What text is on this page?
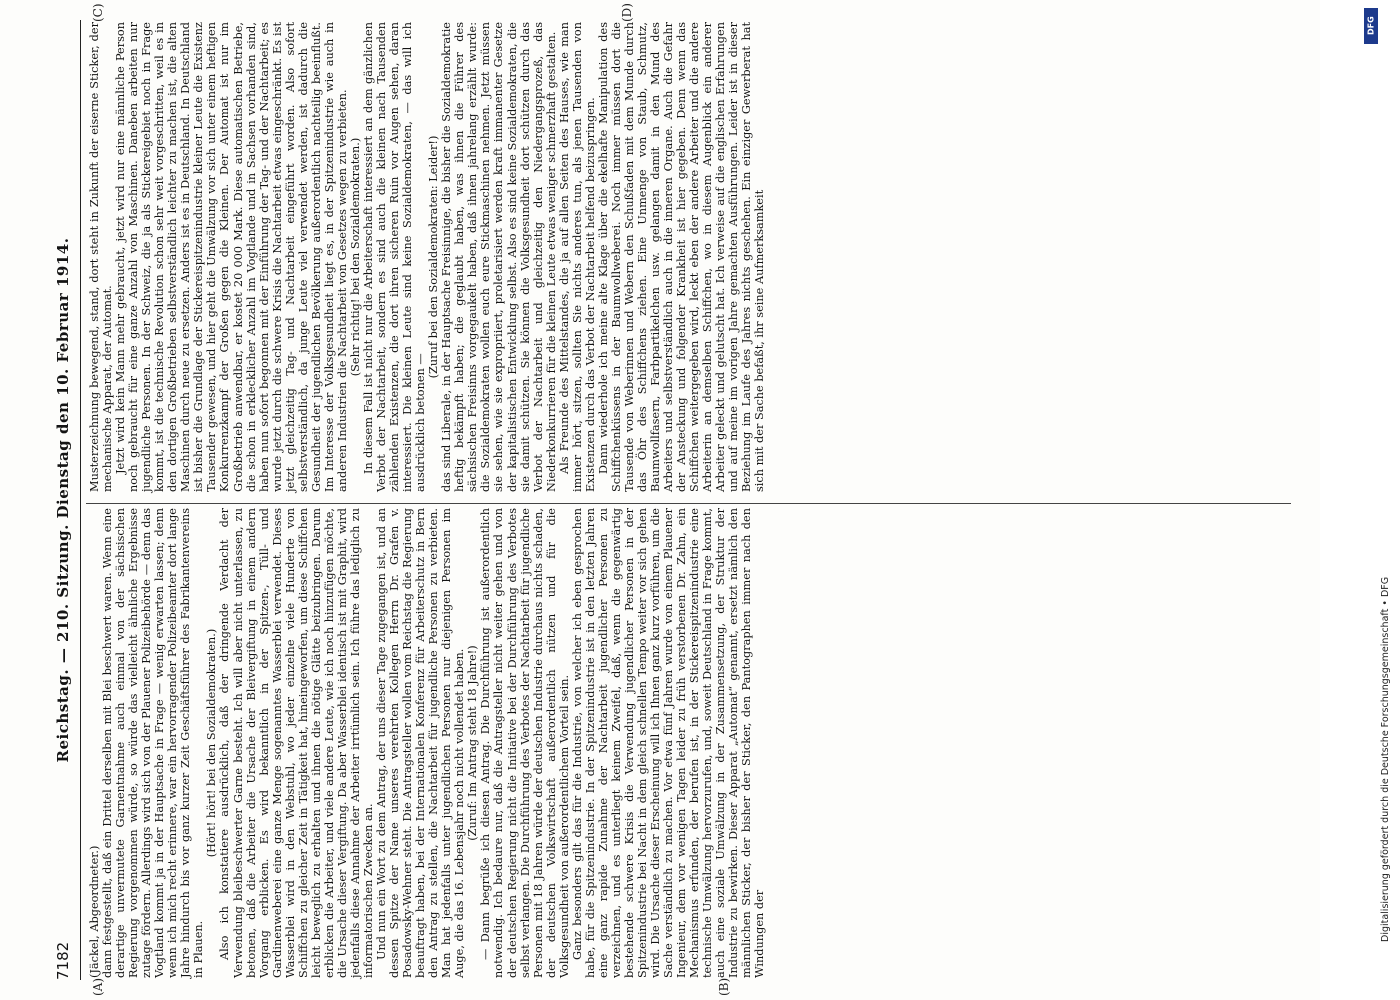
7182
Reichstag. — 210. Sitzung. Dienstag den 10. Februar 1914.
(A)	(B)
(C)	(D)

(Jäckel, Abgeordneter.) dann festgestellt, daß ein Drittel derselben mit Blei beschwert waren. Wenn eine derartige unvermutete Garnentnahme auch einmal von der sächsischen Regierung vorgenommen würde, so würde das vielleicht ähnliche Ergebnisse zutage fördern. Allerdings wird sich von der Plauener Polizeibehörde — denn das Vogtland kommt ja in der Hauptsache in Frage — wenig erwarten lassen; denn wenn ich mich recht erinnere, war ein hervorragender Polizeibeamter dort lange Jahre hindurch bis vor ganz kurzer Zeit Geschäftsführer des Fabrikantenvereins in Plauen.

(Hört! hört! bei den Sozialdemokraten.) Also ich konstatiere ausdrücklich, daß der dringende Verdacht der Verwendung bleibeschwerter Garne besteht. Ich will aber nicht unterlassen, zu betonen, daß die Arbeiter die Ursache der Bleivergiftung in einem andern Vorgang erblicken. Es wird bekanntlich in der Spitzen-, Tüll- und Gardinenweberei eine ganze Menge sogenanntes Wasserblei verwendet. Dieses Wasserblei wird in den Webstuhl, wo jeder einzelne viele Hunderte von Schiffchen zu gleicher Zeit in Tätigkeit hat, hineingeworfen, um diese Schiffchen leicht beweglich zu erhalten und ihnen die nötige Glätte beizubringen. Darum erblicken die Arbeiter, und viele andere Leute, wie ich noch hinzufügen möchte, die Ursache dieser Vergiftung. Da aber Wasserblei identisch ist mit Graphit, wird jedenfalls diese Annahme der Arbeiter irrtümlich sein. Ich führe das lediglich zu informatorischen Zwecken an. Und nun ein Wort zu dem Antrag, der uns dieser Tage zugegangen ist, und an dessen Spitze der Name unseres verehrten Kollegen Herrn Dr. Grafen v. Posadowsky-Wehner steht. Die Antragsteller wollen vom Reichstag die Regierung beauftragt haben, bei der Internationalen Konferenz für Arbeiterschutz in Bern den Antrag zu stellen, die Nachtarbeit für jugendliche Personen zu verbieten. Man hat jedenfalls unter jugendlichen Personen nur diejenigen Personen im Auge, die das 16. Lebensjahr noch nicht vollendet haben. (Zuruf: Im Antrag steht 18 Jahre!) — Dann begrüße ich diesen Antrag. Die Durchführung ist außerordentlich notwendig. Ich bedaure nur, daß die Antragsteller nicht weiter gehen und von der deutschen Regierung nicht die Initiative bei der Durchführung des Verbotes selbst verlangen. Die Durchführung des Verbotes der Nachtarbeit für jugendliche Personen mit 18 Jahren würde der deutschen Industrie durchaus nichts schaden, der deutschen Volkswirtschaft außerordentlich nützen und für die Volksgesundheit von außerordentlichem Vorteil sein. Ganz besonders gilt das für die Industrie, von welcher ich eben gesprochen habe, für die Spitzenindustrie. In der Spitzenindustrie ist in den letzten Jahren eine ganz rapide Zunahme der Nachtarbeit jugendlicher Personen zu verzeichnen, und es unterliegt keinem Zweifel, daß, wenn die gegenwärtig bestehende schwere Krisis die Verwendung jugendlicher Personen in der Spitzenindustrie bei Nacht in dem gleich schnellen Tempo weiter vor sich gehen wird. Die Ursache dieser Erscheinung will ich Ihnen ganz kurz vorführen, um die Sache verständlich zu machen. Vor etwa fünf Jahren wurde von einem Plauener Ingenieur, dem vor wenigen Tagen leider zu früh verstorbenen Dr. Zahn, ein Mechanismus erfunden, der berufen ist, in der Stickereispitzenindustrie eine technische Umwälzung hervorzurufen, und, soweit Deutschland in Frage kommt, auch eine soziale Umwälzung in der Zusammensetzung, der Struktur der Industrie zu bewirken. Dieser Apparat „Automat“ genannt, ersetzt nämlich den männlichen Sticker, der bisher der Sticker, den Pantographen immer nach den Windungen der

Musterzeichnung bewegend, stand, dort steht in Zukunft der eiserne Sticker, der mechanische Apparat, der Automat. Jetzt wird kein Mann mehr gebraucht, jetzt wird nur eine männliche Person noch gebraucht für eine ganze Anzahl von Maschinen. Daneben arbeiten nur jugendliche Personen. In der Schweiz, die ja als Stickereigebiet noch in Frage kommt, ist die technische Revolution schon sehr weit vorgeschritten, weil es in den dortigen Großbetrieben selbstverständlich leichter zu machen ist, die alten Maschinen durch neue zu ersetzen. Anders ist es in Deutschland. In Deutschland ist bisher die Grundlage der Stickereispitzenindustrie kleiner Leute die Existenz Tausender gewesen, und hier geht die Umwälzung vor sich unter einem heftigen Konkurrenzkampf der Großen gegen die Kleinen. Der Automat ist nur im Großbetrieb anwendbar, er kostet 20 000 Mark. Diese automatischen Betriebe, die schon in erklecklicher Anzahl im Vogtlande und in Sachsen vorhanden sind, haben nun sofort begonnen mit der Einführung der Tag- und der Nachtarbeit; es wurde jetzt durch die schwere Krisis die Nachtarbeit etwas eingeschränkt. Es ist jetzt gleichzeitig Tag- und Nachtarbeit eingeführt worden. Also sofort selbstverständlich, da junge Leute viel verwendet werden, ist dadurch die Gesundheit der jugendlichen Bevölkerung außerordentlich nachteilig beeinflußt. Im Interesse der Volksgesundheit liegt es, in der Spitzenindustrie wie auch in anderen Industrien die Nachtarbeit von Gesetzes wegen zu verbieten. (Sehr richtig! bei den Sozialdemokraten.) In diesem Fall ist nicht nur die Arbeiterschaft interessiert an dem gänzlichen Verbot der Nachtarbeit, sondern es sind auch die kleinen nach Tausenden zählenden Existenzen, die dort ihren sicheren Ruin vor Augen sehen, daran interessiert. Die kleinen Leute sind keine Sozialdemokraten, — das will ich ausdrücklich betonen —

(Zuruf bei den Sozialdemokraten: Leider!) das sind Liberale, in der Hauptsache Freisinnige, die bisher die Sozialdemokratie heftig bekämpft haben; die geglaubt haben, was ihnen die Führer des sächsischen Freisinns vorgegaukelt haben, daß ihnen jahrelang erzählt wurde: die Sozialdemokraten wollen euch eure Stickmaschinen nehmen. Jetzt müssen sie sehen, wie sie expropriiert, proletarisiert werden kraft immanenter Gesetze der kapitalistischen Entwicklung selbst. Also es sind keine Sozialdemokraten, die sie damit schützen. Sie können die Volksgesundheit dort schützen durch das Verbot der Nachtarbeit und gleichzeitig den Niedergangsprozeß, das Niederkonkurrieren für die kleinen Leute etwas weniger schmerzhaft gestalten. Als Freunde des Mittelstandes, die ja auf allen Seiten des Hauses, wie man immer hört, sitzen, sollten Sie nichts anderes tun, als jenen Tausenden von Existenzen durch das Verbot der Nachtarbeit helfend beizuspringen. Dann wiederhole ich meine alte Klage über die ekelhafte Manipulation des Schiffchenküssens in der Baumwollweberei. Noch immer müssen dort die Tausende von Weberinnen und Webern den Schußfaden mit dem Munde durch das Öhr des Schiffchens ziehen. Eine Unmenge von Staub, Schmutz, Baumwollfasern, Farbpartikelchen usw. gelangen damit in den Mund des Arbeiters und selbstverständlich auch in die inneren Organe. Auch die Gefahr der Ansteckung und folgender Krankheit ist hier gegeben. Denn wenn das Schiffchen weitergegeben wird, leckt eben der andere Arbeiter und die andere Arbeiterin an demselben Schiffchen, wo in diesem Augenblick ein anderer Arbeiter geleckt und gelutscht hat. Ich verweise auf die englischen Erfahrungen und auf meine im vorigen Jahre gemachten Ausführungen. Leider ist in dieser Beziehung im Laufe des Jahres nichts geschehen. Ein einziger Gewerberat hat sich mit der Sache befaßt, ihr seine Aufmerksamkeit

DFG
Digitalisierung gefördert durch die Deutsche Forschungsgemeinschaft • DFG
